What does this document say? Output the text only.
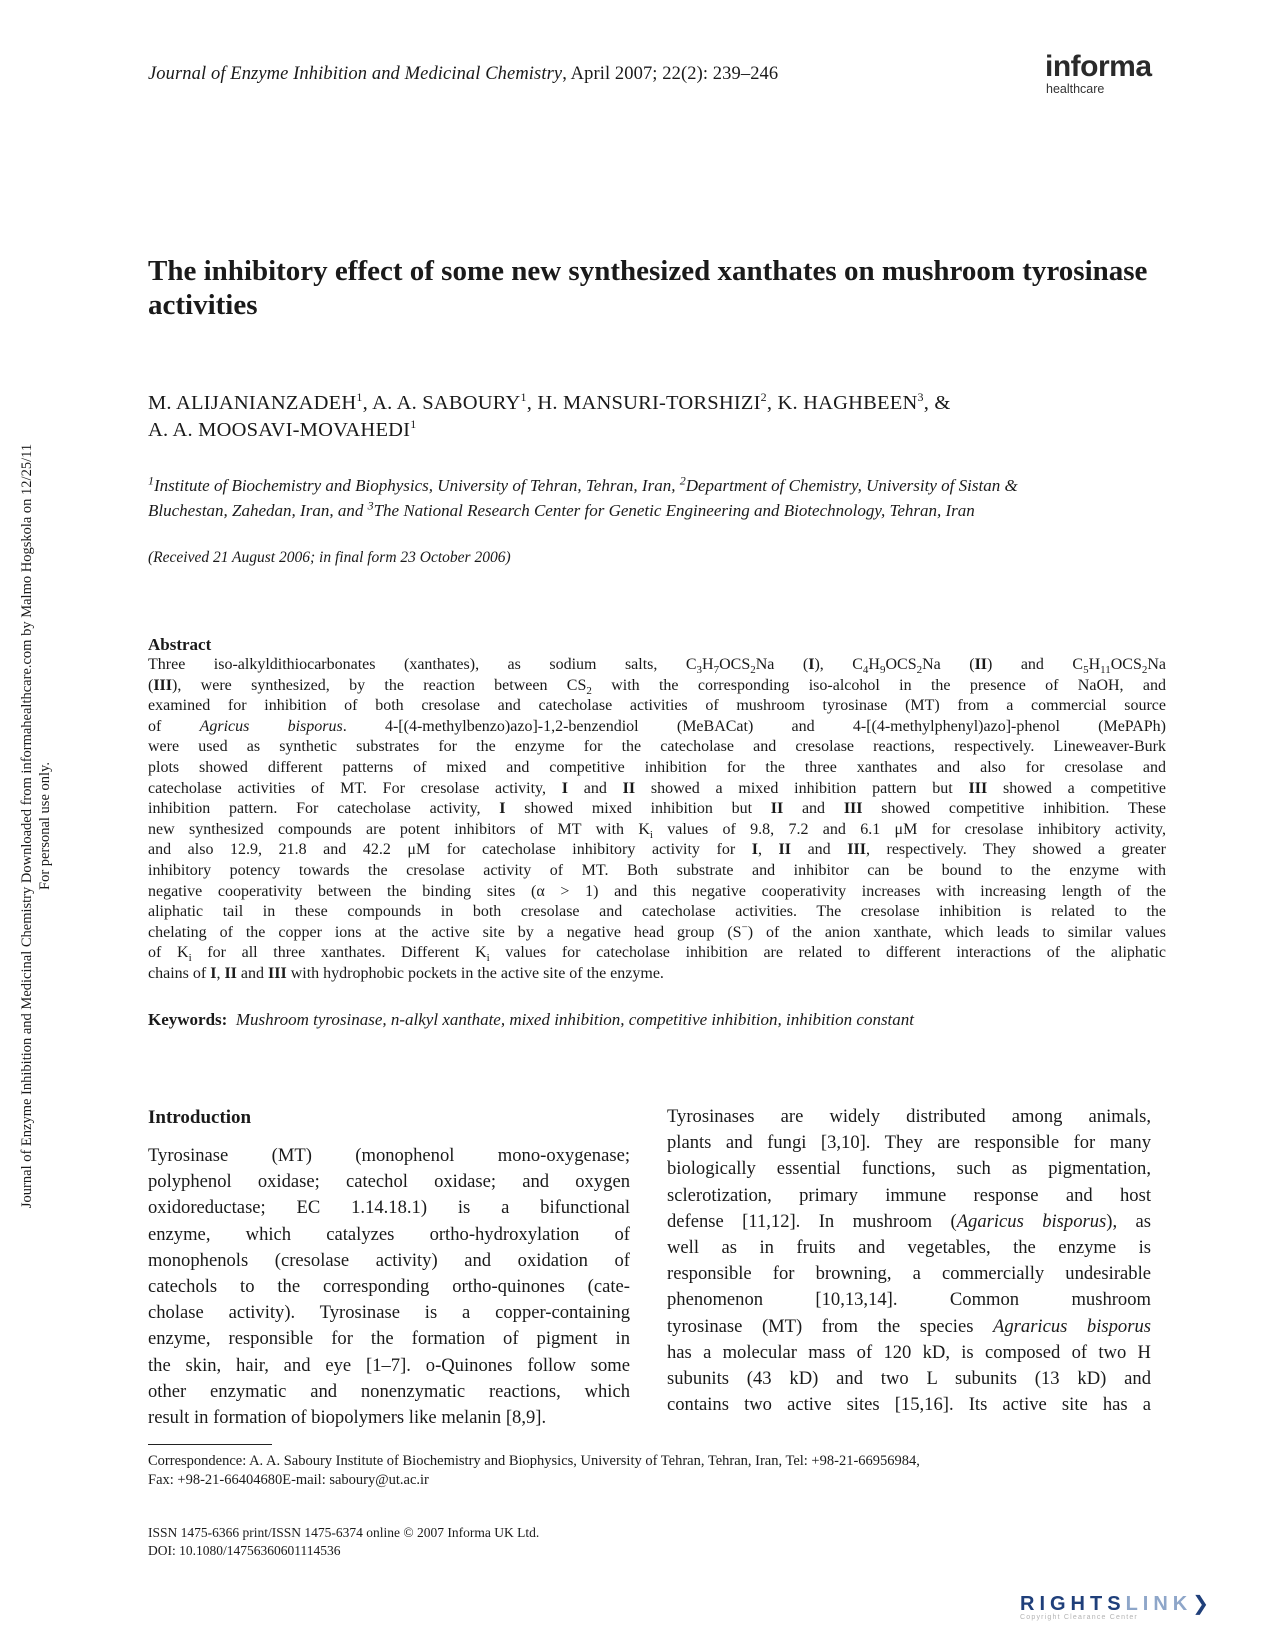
Journal of Enzyme Inhibition and Medicinal Chemistry, April 2007; 22(2): 239–246	informa
healthcare
Journal of Enzyme Inhibition and Medicinal Chemistry Downloaded from informahealthcare.com by Malmo Hogskola on 12/25/11 For personal use only.
The inhibitory effect of some new synthesized xanthates on mushroom tyrosinase activities
M. ALIJANIANZADEH$^1$, A. A. SABOURY$^1$, H. MANSURI-TORSHIZI$^2$, K. HAGHBEEN$^3$, &
A. A. MOOSAVI-MOVAHEDI$^1$
$^1$Institute of Biochemistry and Biophysics, University of Tehran, Tehran, Iran, $^2$Department of Chemistry, University of Sistan &
Bluchestan, Zahedan, Iran, and $^3$The National Research Center for Genetic Engineering and Biotechnology, Tehran, Iran
(Received 21 August 2006; in final form 23 October 2006)
Abstract
Three iso-alkyldithiocarbonates (xanthates), as sodium salts, $C_3H_7OCS_2Na$ (I), $C_4H_9OCS_2Na$ (II) and $C_5H_{11}OCS_2Na$
(III), were synthesized, by the reaction between $CS_2$ with the corresponding iso-alcohol in the presence of NaOH, and
examined for inhibition of both cresolase and catecholase activities of mushroom tyrosinase (MT) from a commercial source
of Agricus bisporus. 4-[(4-methylbenzo)azo]-1,2-benzendiol (MeBACat) and 4-[(4-methylphenyl)azo]-phenol (MePAPh)
were used as synthetic substrates for the enzyme for the catecholase and cresolase reactions, respectively. Lineweaver-Burk
plots showed different patterns of mixed and competitive inhibition for the three xanthates and also for cresolase and
catecholase activities of MT. For cresolase activity, I and II showed a mixed inhibition pattern but III showed a competitive
inhibition pattern. For catecholase activity, I showed mixed inhibition but II and III showed competitive inhibition. These
new synthesized compounds are potent inhibitors of MT with $K_i$ values of 9.8, 7.2 and 6.1 μM for cresolase inhibitory activity,
and also 12.9, 21.8 and 42.2 μM for catecholase inhibitory activity for I, II and III, respectively. They showed a greater
inhibitory potency towards the cresolase activity of MT. Both substrate and inhibitor can be bound to the enzyme with
negative cooperativity between the binding sites (α > 1) and this negative cooperativity increases with increasing length of the
aliphatic tail in these compounds in both cresolase and catecholase activities. The cresolase inhibition is related to the
chelating of the copper ions at the active site by a negative head group (S−) of the anion xanthate, which leads to similar values
of $K_i$ for all three xanthates. Different $K_i$ values for catecholase inhibition are related to different interactions of the aliphatic
chains of I, II and III with hydrophobic pockets in the active site of the enzyme.
Keywords: Mushroom tyrosinase, n-alkyl xanthate, mixed inhibition, competitive inhibition, inhibition constant
Introduction
Tyrosinase (MT) (monophenol mono-oxygenase;
polyphenol oxidase; catechol oxidase; and oxygen
oxidoreductase; EC 1.14.18.1) is a bifunctional
enzyme, which catalyzes ortho-hydroxylation of
monophenols (cresolase activity) and oxidation of
catechols to the corresponding ortho-quinones (cate-
cholase activity). Tyrosinase is a copper-containing
enzyme, responsible for the formation of pigment in
the skin, hair, and eye [1–7]. o-Quinones follow some
other enzymatic and nonenzymatic reactions, which
result in formation of biopolymers like melanin [8,9].
Tyrosinases are widely distributed among animals,
plants and fungi [3,10]. They are responsible for many
biologically essential functions, such as pigmentation,
sclerotization, primary immune response and host
defense [11,12]. In mushroom (Agaricus bisporus), as
well as in fruits and vegetables, the enzyme is
responsible for browning, a commercially undesirable
phenomenon [10,13,14]. Common mushroom
tyrosinase (MT) from the species Agraricus bisporus
has a molecular mass of 120 kD, is composed of two H
subunits (43 kD) and two L subunits (13 kD) and
contains two active sites [15,16]. Its active site has a
Correspondence: A. A. Saboury Institute of Biochemistry and Biophysics, University of Tehran, Tehran, Iran, Tel: +98-21-66956984,
Fax: +98-21-66404680E-mail: saboury@ut.ac.ir
ISSN 1475-6366 print/ISSN 1475-6374 online © 2007 Informa UK Ltd.
DOI: 10.1080/14756360601114536
RIGHTSLINK❯
Copyright Clearance Center
